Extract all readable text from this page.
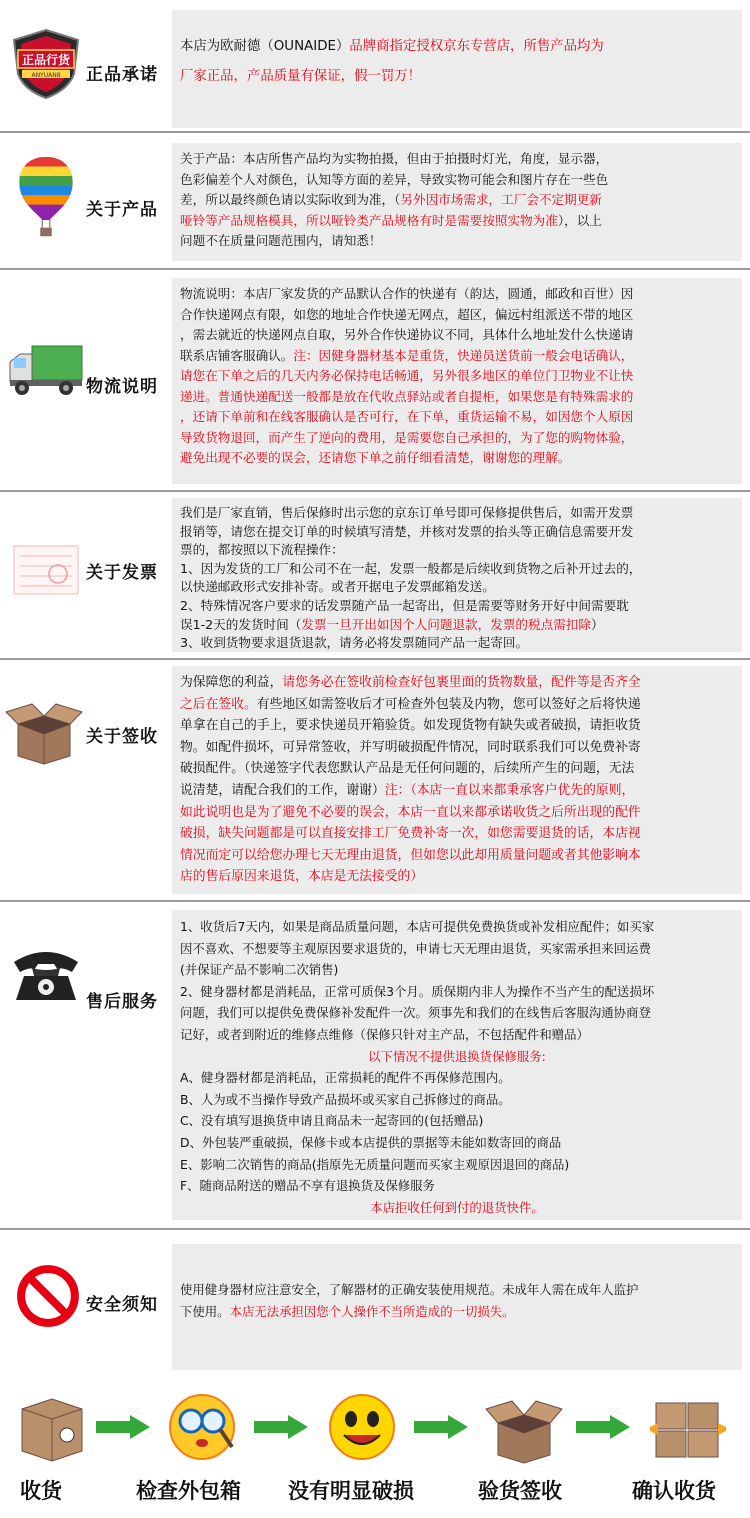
正品行货
ANYUAN8 正品承诺
本店为欧耐德（OUNAIDE）品牌商指定授权京东专营店，所售产品均为
厂家正品，产品质量有保证，假一罚万！
关于产品
关于产品：本店所售产品均为实物拍摄，但由于拍摄时灯光，角度，显示器，
色彩偏差个人对颜色，认知等方面的差异，导致实物可能会和图片存在一些色
差，所以最终颜色请以实际收到为准，（另外因市场需求，工厂会不定期更新
哑铃等产品规格模具，所以哑铃类产品规格有时是需要按照实物为准），以上
问题不在质量问题范围内，请知悉！
物流说明
物流说明：本店厂家发货的产品默认合作的快递有（韵达，圆通，邮政和百世）因
合作快递网点有限，如您的地址合作快递无网点，超区，偏远村组派送不带的地区
，需去就近的快递网点自取，另外合作快递协议不同，具体什么地址发什么快递请
联系店铺客服确认。注：因健身器材基本是重货，快递员送货前一般会电话确认，
请您在下单之后的几天内务必保持电话畅通，另外很多地区的单位门卫物业不让快
递进。普通快递配送一般都是放在代收点驿站或者自提柜，如果您是有特殊需求的
，还请下单前和在线客服确认是否可行，在下单，重货运输不易，如因您个人原因
导致货物退回，而产生了逆向的费用，是需要您自己承担的，为了您的购物体验，
避免出现不必要的误会，还请您下单之前仔细看清楚，谢谢您的理解。
关于发票
我们是厂家直销，售后保修时出示您的京东订单号即可保修提供售后，如需开发票
报销等，请您在提交订单的时候填写清楚，并核对发票的抬头等正确信息需要开发
票的，都按照以下流程操作：
1、因为发货的工厂和公司不在一起，发票一般都是后续收到货物之后补开过去的，
以快递邮政形式安排补寄。或者开据电子发票邮箱发送。
2、特殊情况客户要求的话发票随产品一起寄出，但是需要等财务开好中间需要耽
误1-2天的发货时间（发票一旦开出如因个人问题退款，发票的税点需扣除）
3、收到货物要求退货退款，请务必将发票随同产品一起寄回。
关于签收
为保障您的利益，请您务必在签收前检查好包裹里面的货物数量，配件等是否齐全
之后在签收。有些地区如需签收后才可检查外包装及内物，您可以签好之后将快递
单拿在自己的手上，要求快递员开箱验货。如发现货物有缺失或者破损，请拒收货
物。如配件损坏，可异常签收，并写明破损配件情况，同时联系我们可以免费补寄
破损配件。（快递签字代表您默认产品是无任何问题的，后续所产生的问题，无法
说清楚，请配合我们的工作，谢谢）注：（本店一直以来都秉承客户优先的原则，
如此说明也是为了避免不必要的误会，本店一直以来都承诺收货之后所出现的配件
破损，缺失问题都是可以直接安排工厂免费补寄一次，如您需要退货的话，本店视
情况而定可以给您办理七天无理由退货，但如您以此却用质量问题或者其他影响本
店的售后原因来退货，本店是无法接受的）
售后服务
1、收货后7天内，如果是商品质量问题，本店可提供免费换货或补发相应配件；如买家
因不喜欢、不想要等主观原因要求退货的，申请七天无理由退货，买家需承担来回运费
(并保证产品不影响二次销售)
2、健身器材都是消耗品，正常可质保3个月。质保期内非人为操作不当产生的配送损坏
问题，我们可以提供免费保修补发配件一次。须事先和我们的在线售后客服沟通协商登
记好，或者到附近的维修点维修（保修只针对主产品，不包括配件和赠品）
以下情况不提供退换货保修服务:
A、健身器材都是消耗品，正常损耗的配件不再保修范围内。
B、人为或不当操作导致产品损坏或买家自己拆修过的商品。
C、没有填写退换货申请且商品未一起寄回的(包括赠品)
D、外包装严重破损，保修卡或本店提供的票据等未能如数寄回的商品
E、影响二次销售的商品(指原先无质量问题而买家主观原因退回的商品)
F、随商品附送的赠品不享有退换货及保修服务
本店拒收任何到付的退货快件。
安全须知
使用健身器材应注意安全，了解器材的正确安装使用规范。未成年人需在成年人监护
下使用。本店无法承担因您个人操作不当所造成的一切损失。
收货	检查外包箱 没有明显破损	验货签收	确认收货
